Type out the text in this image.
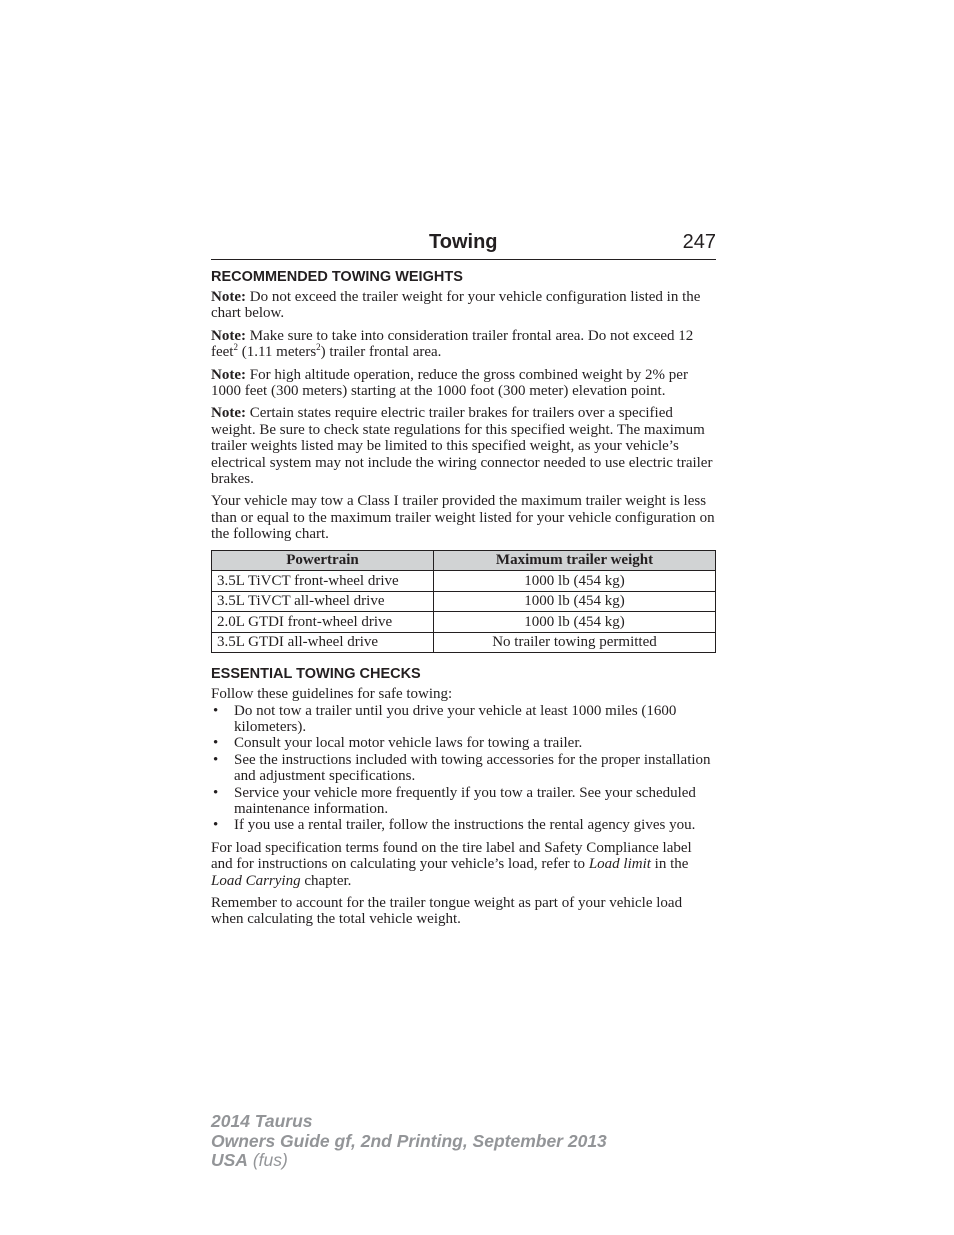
Towing	247
RECOMMENDED TOWING WEIGHTS

Note: Do not exceed the trailer weight for your vehicle configuration listed in the chart below.

Note: Make sure to take into consideration trailer frontal area. Do not exceed 12 feet$^2$ (1.11 meters$^2$) trailer frontal area.

Note: For high altitude operation, reduce the gross combined weight by 2% per 1000 feet (300 meters) starting at the 1000 foot (300 meter) elevation point.

Note: Certain states require electric trailer brakes for trailers over a specified weight. Be sure to check state regulations for this specified weight. The maximum trailer weights listed may be limited to this specified weight, as your vehicle’s electrical system may not include the wiring connector needed to use electric trailer brakes.

Your vehicle may tow a Class I trailer provided the maximum trailer weight is less than or equal to the maximum trailer weight listed for your vehicle configuration on the following chart.

Powertrain	Maximum trailer weight
3.5L TiVCT front-wheel drive	1000 lb (454 kg)
3.5L TiVCT all-wheel drive	1000 lb (454 kg)
2.0L GTDI front-wheel drive	1000 lb (454 kg)
3.5L GTDI all-wheel drive	No trailer towing permitted
ESSENTIAL TOWING CHECKS

Follow these guidelines for safe towing:

• Do not tow a trailer until you drive your vehicle at least 1000 miles (1600 kilometers).
• Consult your local motor vehicle laws for towing a trailer.
• See the instructions included with towing accessories for the proper installation and adjustment specifications.
• Service your vehicle more frequently if you tow a trailer. See your scheduled maintenance information.
• If you use a rental trailer, follow the instructions the rental agency gives you.

For load specification terms found on the tire label and Safety Compliance label and for instructions on calculating your vehicle’s load, refer to Load limit in the Load Carrying chapter.

Remember to account for the trailer tongue weight as part of your vehicle load when calculating the total vehicle weight.

2014 Taurus
Owners Guide gf, 2nd Printing, September 2013
USA (fus)
